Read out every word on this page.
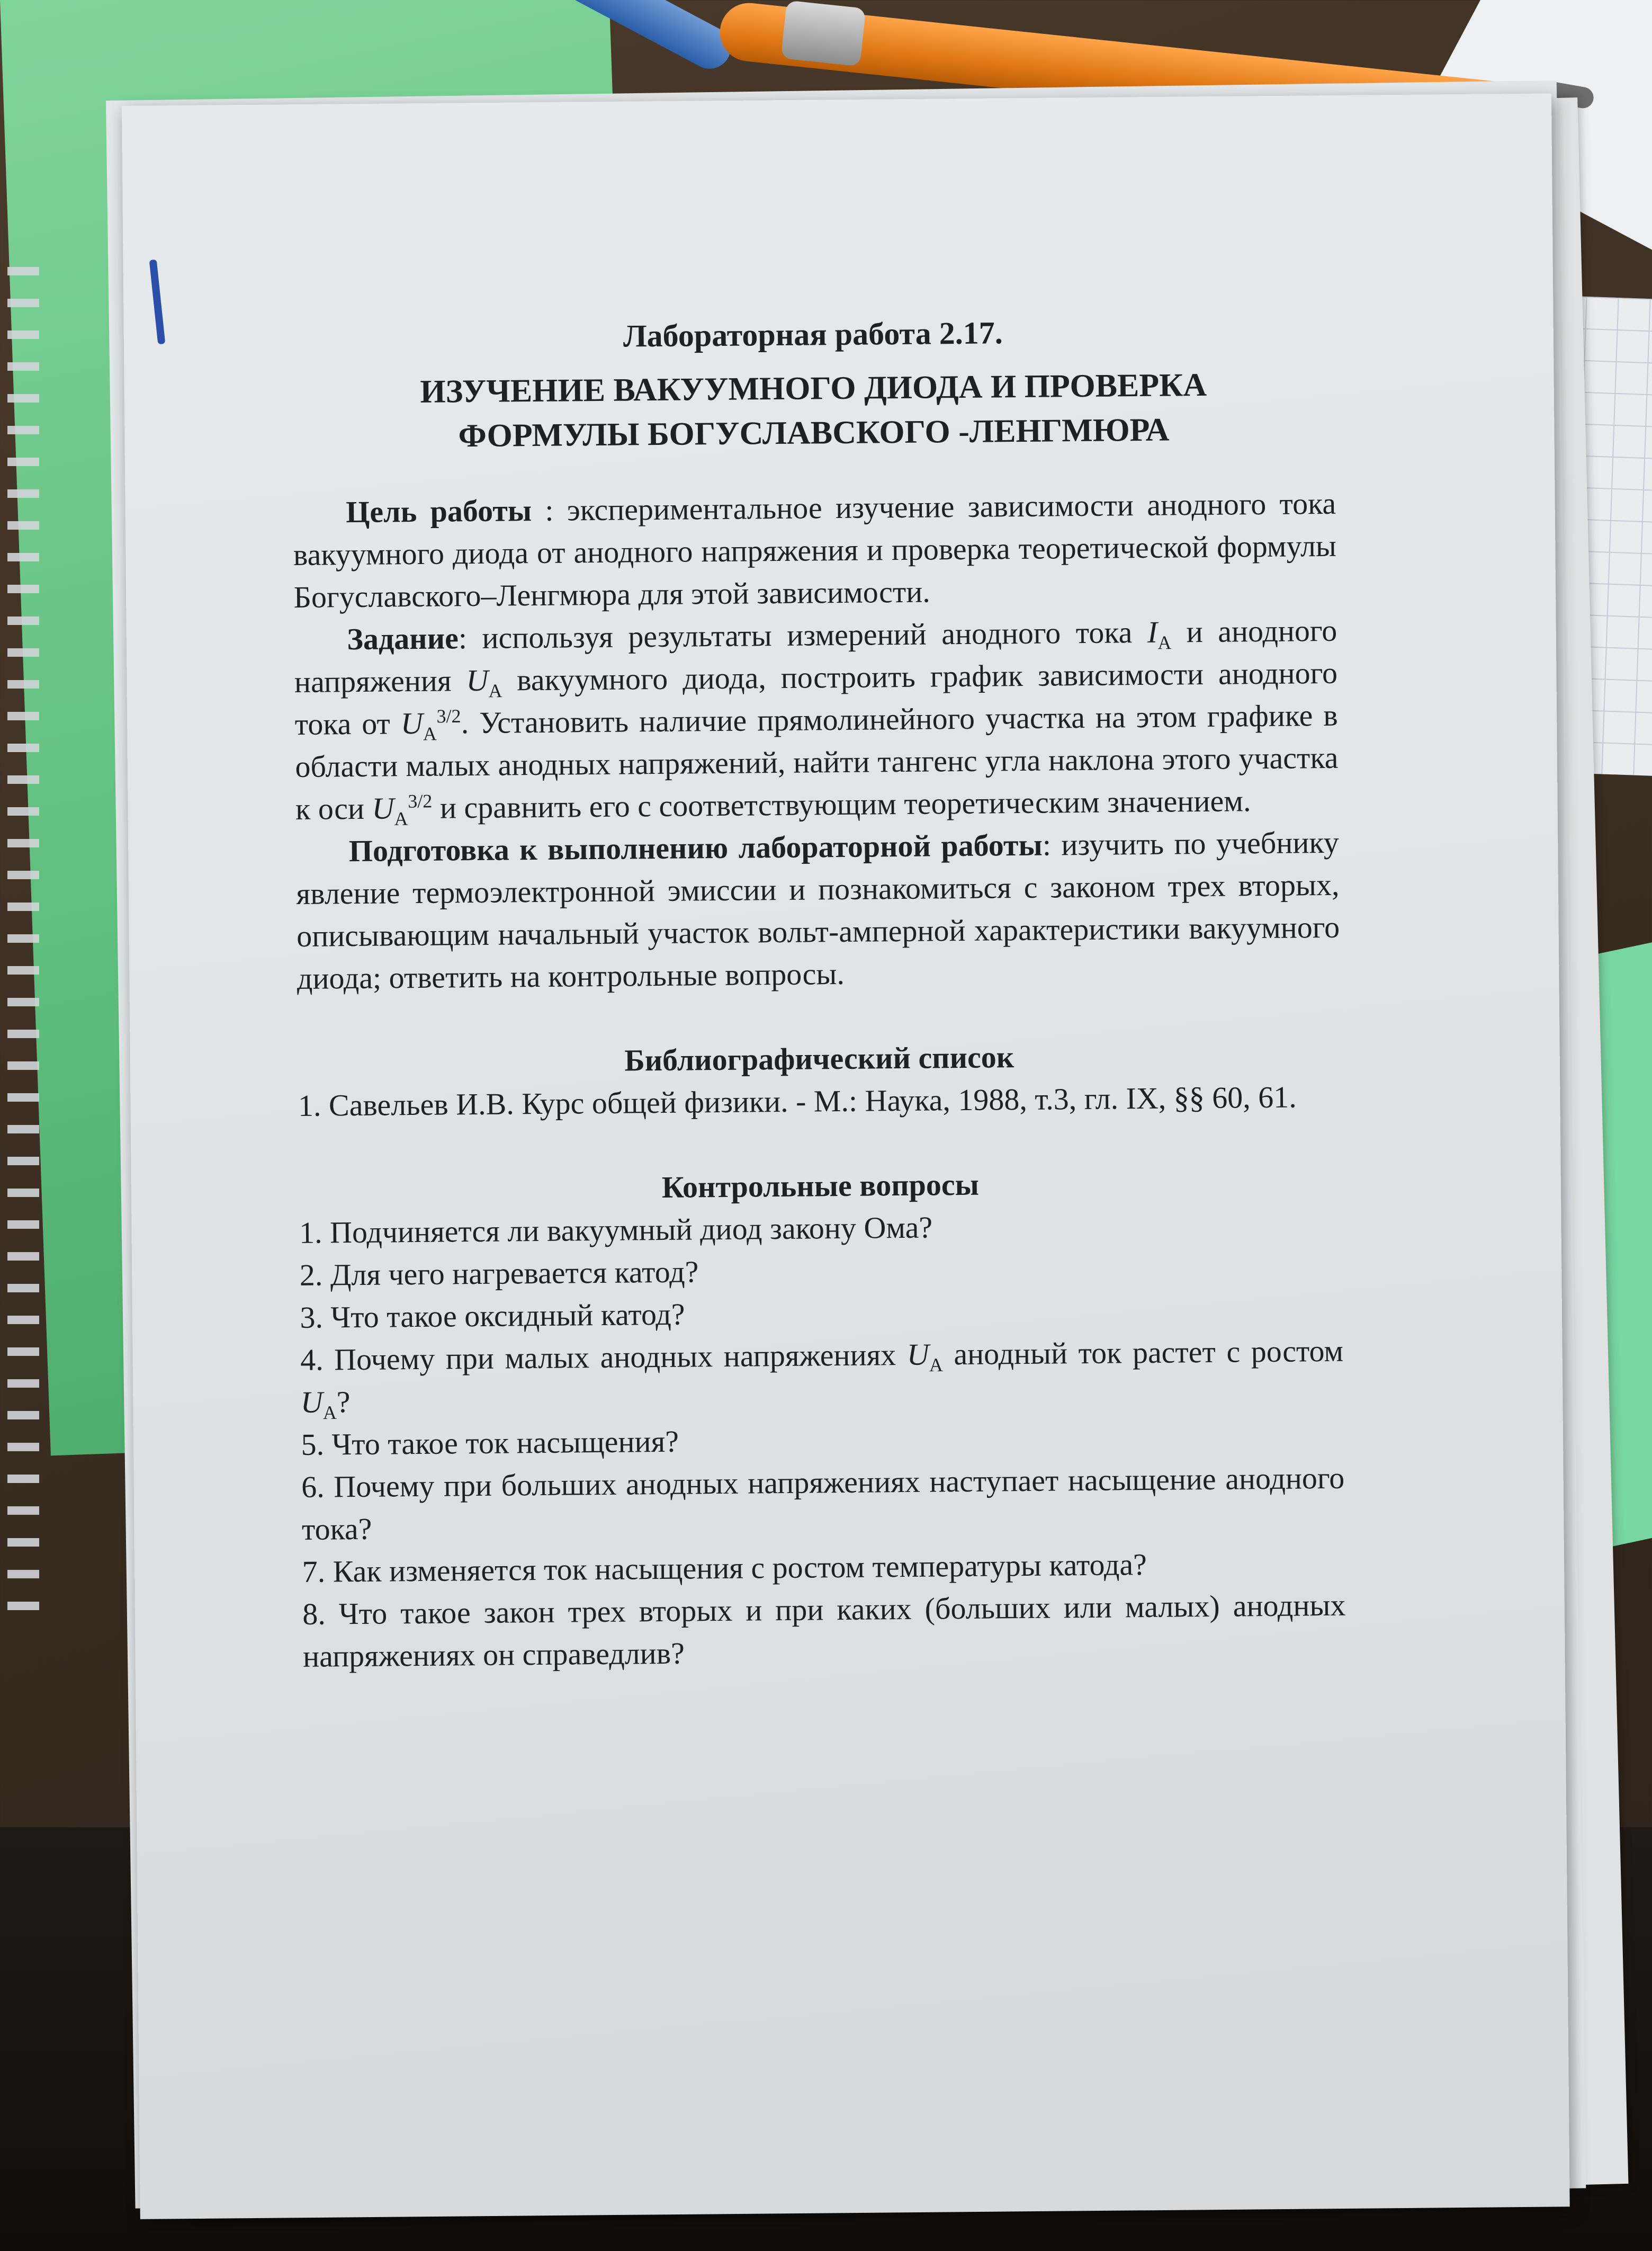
Лабораторная работа 2.17.
ИЗУЧЕНИЕ ВАКУУМНОГО ДИОДА И ПРОВЕРКА
ФОРМУЛЫ БОГУСЛАВСКОГО -ЛЕНГМЮРА

Цель работы : экспериментальное изучение зависимости анодного тока вакуумного диода от анодного напряжения и проверка теоретической формулы Богуславского–Ленгмюра для этой зависимости.

Задание: используя результаты измерений анодного тока $I_A$ и анодного напряжения $U_A$ вакуумного диода, построить график зависимости анодного тока от $U_A^{3/2}$. Установить наличие прямолинейного участка на этом графике в области малых анодных напряжений, найти тангенс угла наклона этого участка к оси $U_A^{3/2}$ и сравнить его с соответствующим теоретическим значением.

Подготовка к выполнению лабораторной работы: изучить по учебнику явление термоэлектронной эмиссии и познакомиться с законом трех вторых, описывающим начальный участок вольт-амперной характеристики вакуумного диода; ответить на контрольные вопросы.

Библиографический список

1. Савельев И.В. Курс общей физики. - М.: Наука, 1988, т.3, гл. IX, §§ 60, 61.

Контрольные вопросы

1. Подчиняется ли вакуумный диод закону Ома?

2. Для чего нагревается катод?

3. Что такое оксидный катод?

4. Почему при малых анодных напряжениях $U_A$ анодный ток растет с ростом $U_A$?

5. Что такое ток насыщения?

6. Почему при больших анодных напряжениях наступает насыщение анодного тока?

7. Как изменяется ток насыщения с ростом температуры катода?

8. Что такое закон трех вторых и при каких (больших или малых) анодных напряжениях он справедлив?
